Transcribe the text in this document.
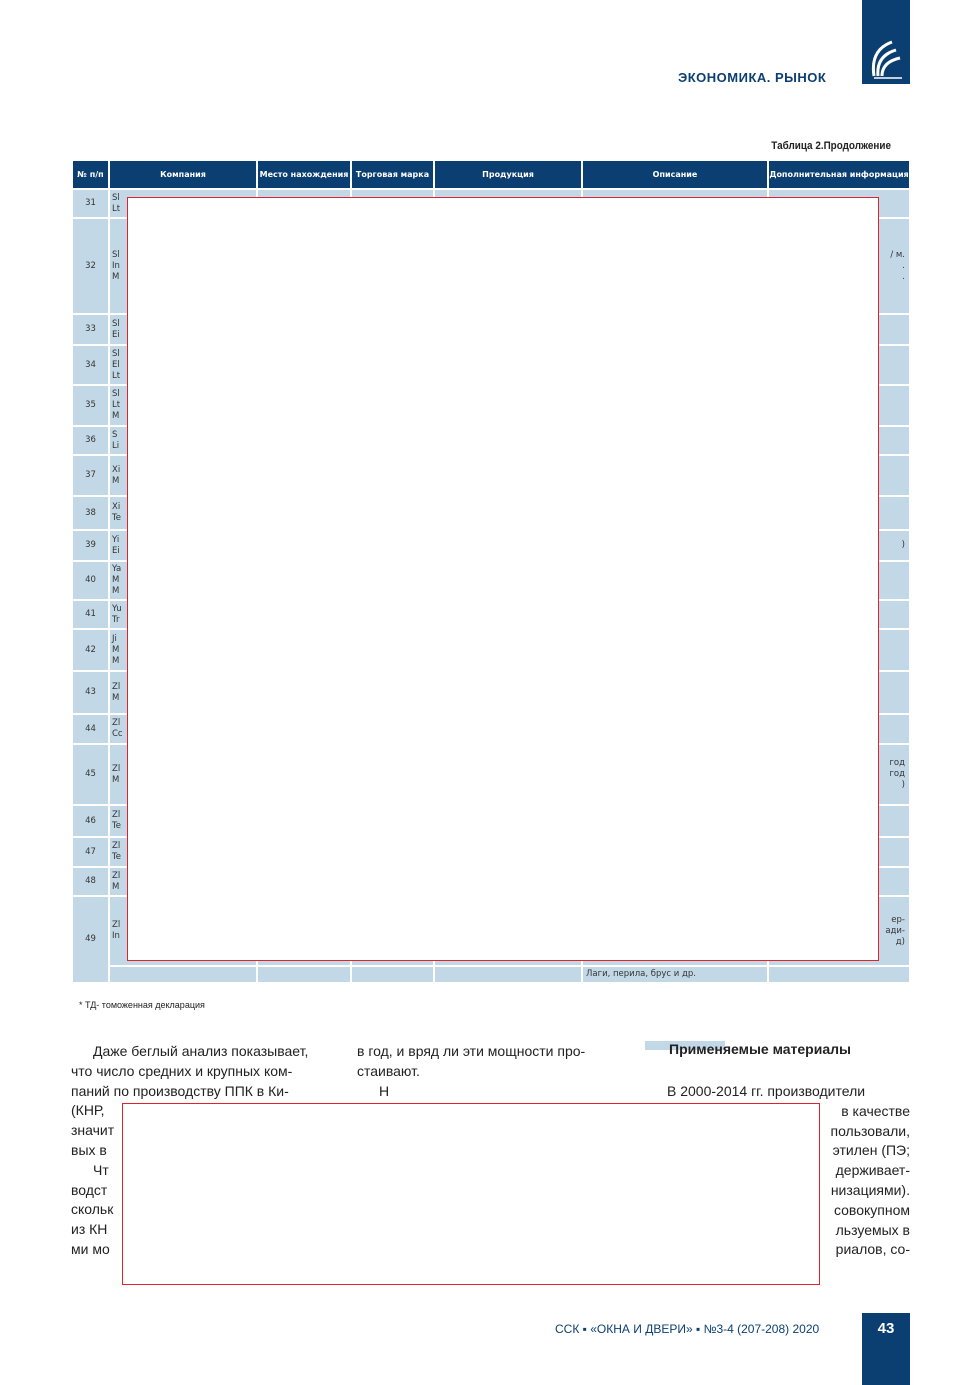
ЭКОНОМИКА. РЫНОК
Таблица 2.Продолжение
№ п/п	Компания	Место нахождения	Торговая марка	Продукция	Описание	Дополнительная информация
31	Sl
Lt					
32	Sl
In
M					/ м.
.
.
33	Sl
Ei					
34	Sl
El
Lt					
35	Sl
Lt
M					
36	S
Li					
37	Xi
M					
38	Xi
Te					
39	Yi
Ei					)
40	Ya
M
M					
41	Yu
Tr					
42	Ji
M
M					
43	Zl
M					
44	Zl
Cc					
45	Zl
M					год
год
)
46	Zl
Te					
47	Zl
Te					
48	Zl
M					
49	Zl
In					ер-
ади-
д)
					Лаги, перила, брус и др.	
* ТД- томоженная декларация
Даже беглый анализ показывает,
что число средних и крупных ком-
паний по производству ППК в Ки-
(КНР,
значит
вых в
Чт
водст
скольк
из КН
ми мо
в год, и вряд ли эти мощности про-
стаивают.
Н
Применяемые материалы
В 2000-2014 гг. производители
в качестве
пользовали,
этилен (ПЭ;
держивает-
низациями).
совокупном
льзуемых в
риалов, со-
ССК ▪ «ОКНА И ДВЕРИ» ▪ №3-4 (207-208) 2020	43
